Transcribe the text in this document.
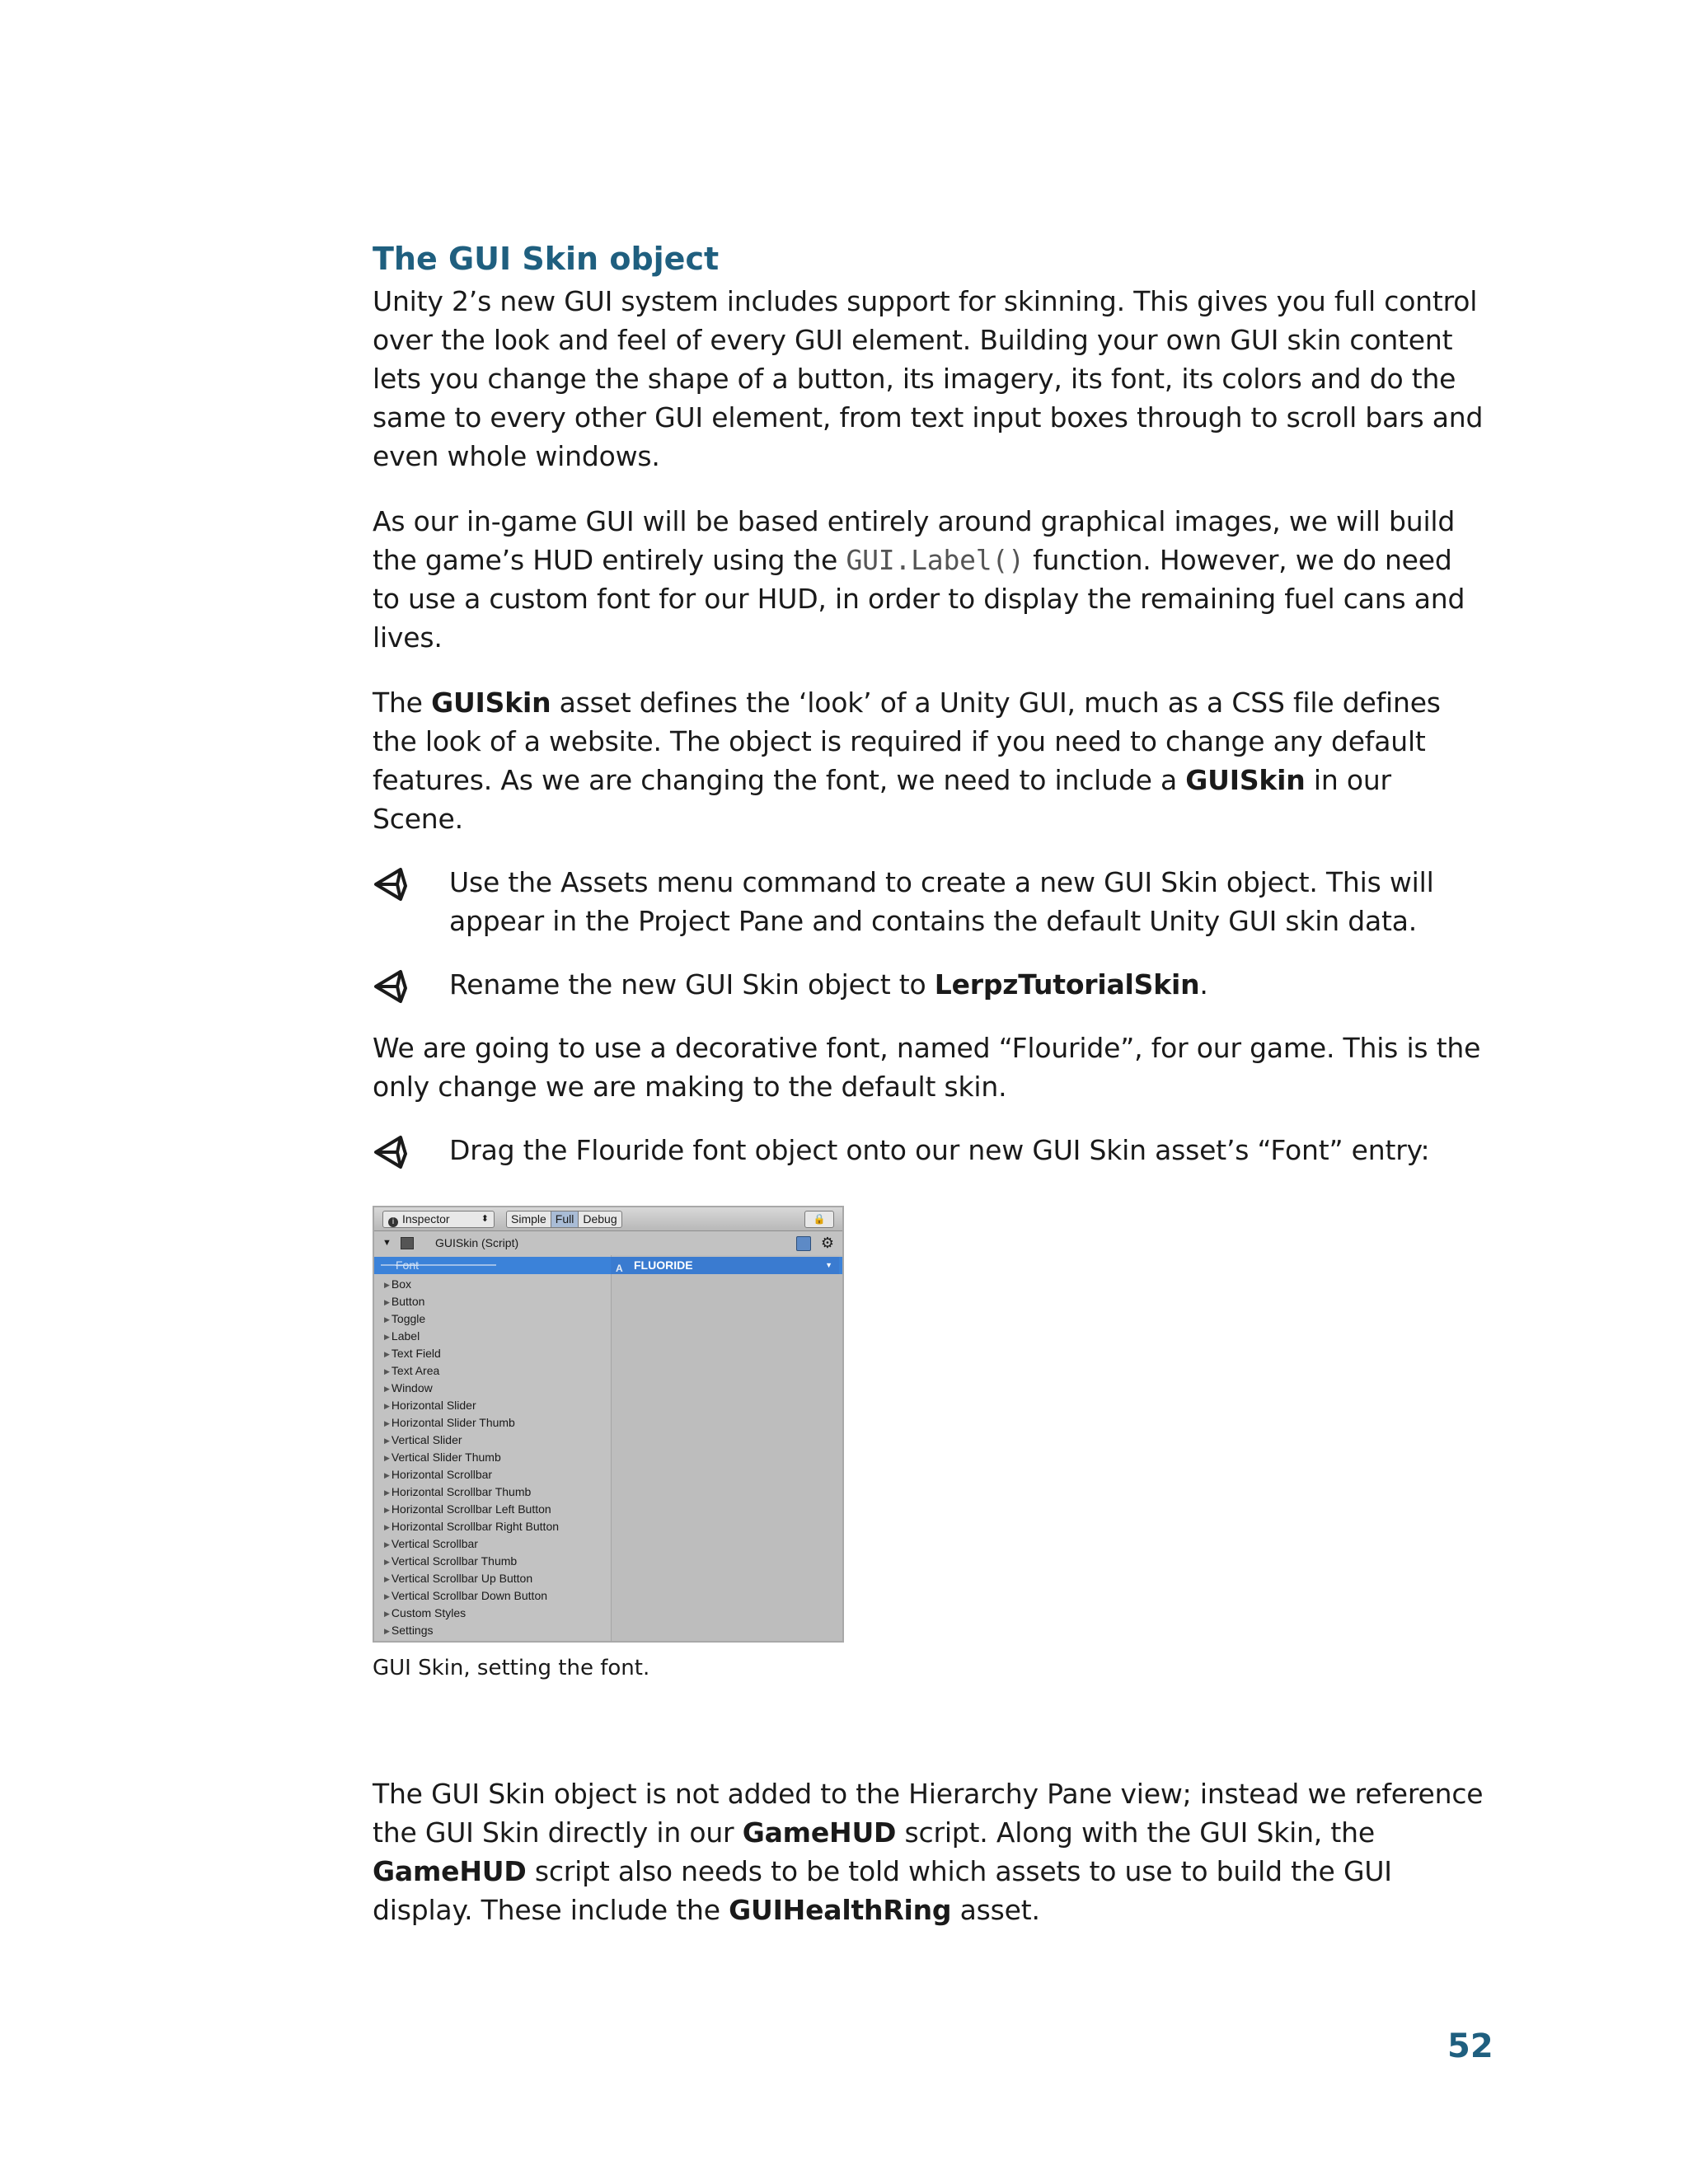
The GUI Skin object

Unity 2’s new GUI system includes support for skinning. This gives you full control over the look and feel of every GUI element. Building your own GUI skin content lets you change the shape of a button, its imagery, its font, its colors and do the same to every other GUI element, from text input boxes through to scroll bars and even whole windows.

As our in-game GUI will be based entirely around graphical images, we will build the game’s HUD entirely using the GUI.Label() function. However, we do need to use a custom font for our HUD, in order to display the remaining fuel cans and lives.

The GUISkin asset defines the ‘look’ of a Unity GUI, much as a CSS file defines the look of a website. The object is required if you need to change any default features. As we are changing the font, we need to include a GUISkin in our Scene.

Use the Assets menu command to create a new GUI Skin object. This will appear in the Project Pane and contains the default Unity GUI skin data.
Rename the new GUI Skin object to LerpzTutorialSkin.

We are going to use a decorative font, named “Flouride”, for our game. This is the only change we are making to the default skin.

Drag the Flouride font object onto our new GUI Skin asset’s “Font” entry:
i Inspector	⬍	Simple Full Debug	🔒
▼	GUISkin (Script)	⚙
Font	A FLUORIDE	▼
▶ Box
▶ Button
▶ Toggle
▶ Label
▶ Text Field
▶ Text Area
▶ Window
▶ Horizontal Slider
▶ Horizontal Slider Thumb
▶ Vertical Slider
▶ Vertical Slider Thumb
▶ Horizontal Scrollbar
▶ Horizontal Scrollbar Thumb
▶ Horizontal Scrollbar Left Button
▶ Horizontal Scrollbar Right Button
▶ Vertical Scrollbar
▶ Vertical Scrollbar Thumb
▶ Vertical Scrollbar Up Button
▶ Vertical Scrollbar Down Button
▶ Custom Styles
▶ Settings
GUI Skin, setting the font.

The GUI Skin object is not added to the Hierarchy Pane view; instead we reference the GUI Skin directly in our GameHUD script. Along with the GUI Skin, the GameHUD script also needs to be told which assets to use to build the GUI display. These include the GUIHealthRing asset.

52
